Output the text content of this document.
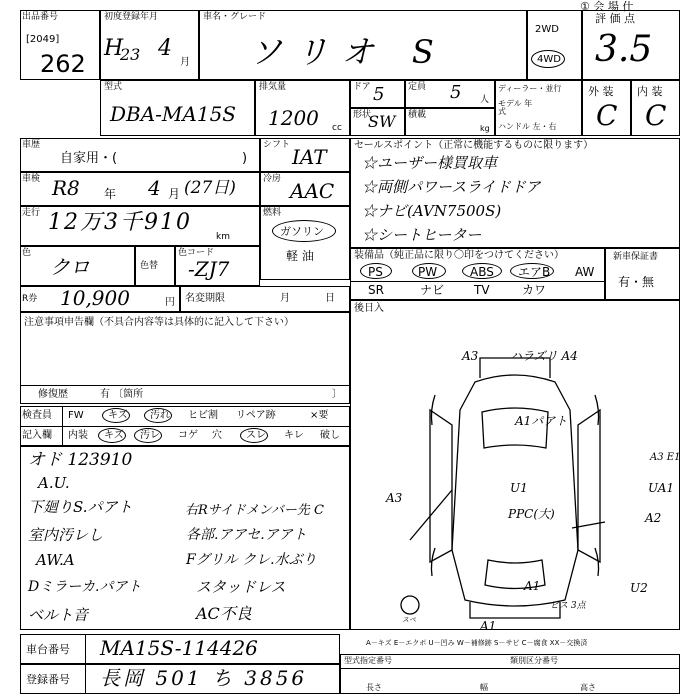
① 会 場 仕
出品番号
[2049]
262
初度登録年月
H
23 4
月
車名・グレード
ソリオ S
2WD
4WD
評 価 点
3.5
型式
DBA-MA15S
排気量
1200 cc
ドア 5
形状
SW
定員 5 人
積載
kg
ディーラー・並行
モデル 年式
ハンドル 左・右
外 装 内 装
C C
車歴
自家用・(	)
シフト IAT
車検 R8 年 4 月 (27日)	冷房 AAC
走行 12万3千910
km
燃料
ガソリン
軽 油
色
クロ	色替
色コード
-ZJ7
セールスポイント（正常に機能するものに限ります）
☆ユーザー様買取車
☆両側パワースライドドア
☆ナビ(AVN7500S)
☆シートヒーター
装備品（純正品に限り〇印をつけてください）
PS	PW	ABS エアB AW
SR	ナビ TV	カワ
新車保証書
有・無
R券 10,900	円 名変期限	月	日
後日入
注意事項申告欄（不具合内容等は具体的に記入して下さい）
修復歴	有 〔箇所	〕
検査員
記入欄
FW キズ 汚れ ヒビ割 リペア跡	×要
内装 キズ 汚レ コゲ 穴 スレ キレ 破し
オド 123910
A.U.
下廻りS.パアト
室内汚レし
AW.A
Dミラーカ.パアト
ベルト音
右Rサイドメンバー先 C
各部.アアセ.アアト
Fグリル クレ.水ぶり
スタッドレス
AC不良
A3	ハラズリ A4
A1パアト
U1
PPC(大)
A3
A3 E1
UA1
A2
A1	U2
A1
ビス 3点
スペ
A－キズ E－エクボ U－凹み W－補修跡 S－サビ C－腐食 XX－交換済
車台番号 MA15S-114426
登録番号 長岡 501 ち 3856
型式指定番号	類別区分番号
長さ	幅	高さ
